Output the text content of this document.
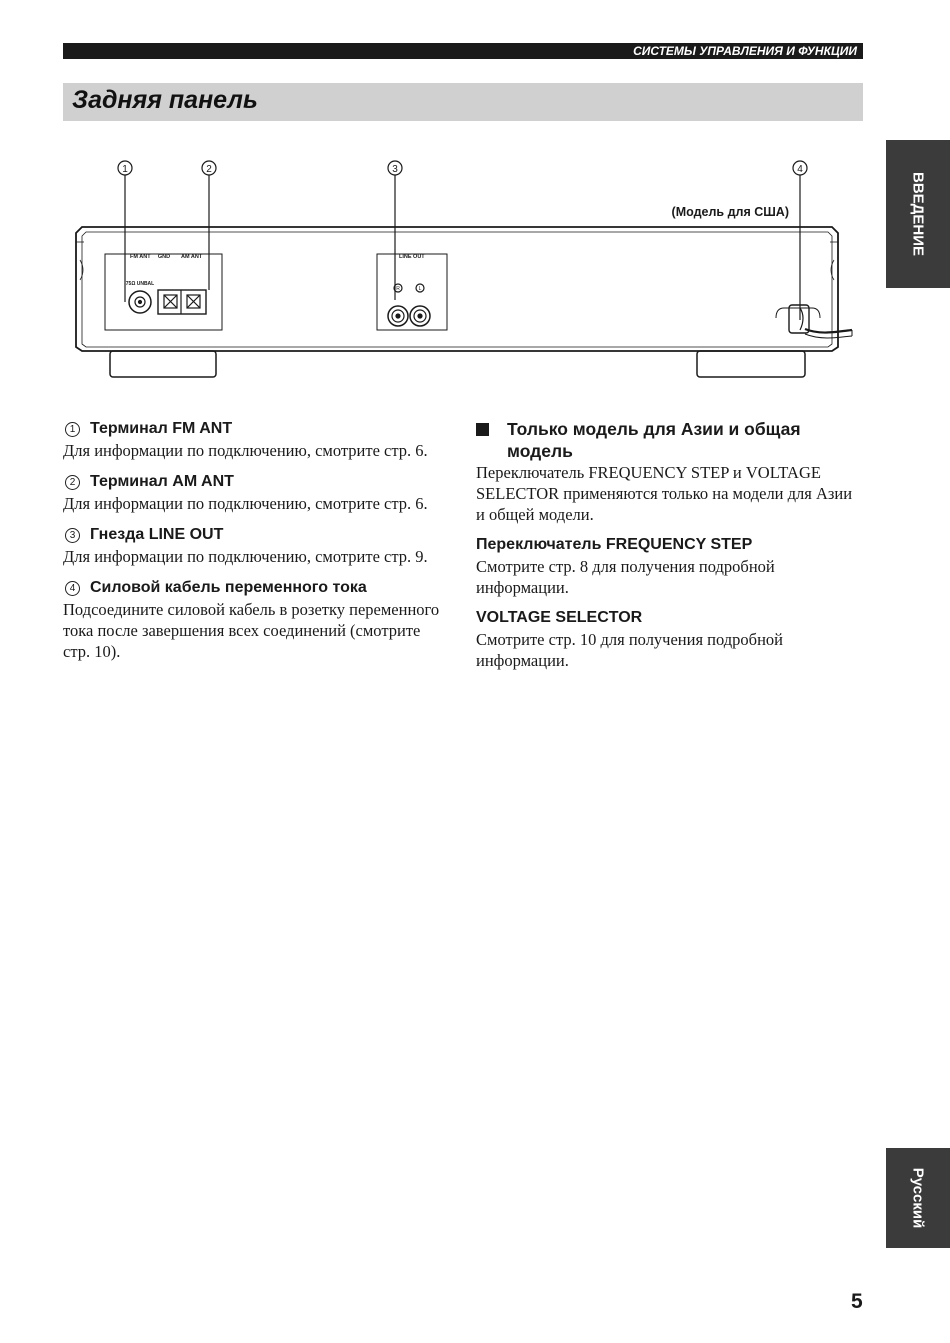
СИСТЕМЫ УПРАВЛЕНИЯ И ФУНКЦИИ
Задняя панель
ВВЕДЕНИЕ
Русский
1	2	3	4
(Модель для США)
FM ANT GND AM ANT
75Ω UNBAL
LINE OUT
R	L
1 Терминал FM ANT
Для информации по подключению, смотрите стр. 6.
2 Терминал AM ANT
Для информации по подключению, смотрите стр. 6.
3 Гнезда LINE OUT
Для информации по подключению, смотрите стр. 9.
4 Силовой кабель переменного тока
Подсоедините силовой кабель в розетку переменного тока после завершения всех соединений (смотрите стр. 10).
Только модель для Азии и общая модель
Переключатель FREQUENCY STEP и VOLTAGE SELECTOR применяются только на модели для Азии и общей модели.
Переключатель FREQUENCY STEP
Смотрите стр. 8 для получения подробной информации.
VOLTAGE SELECTOR
Смотрите стр. 10 для получения подробной информации.
5
